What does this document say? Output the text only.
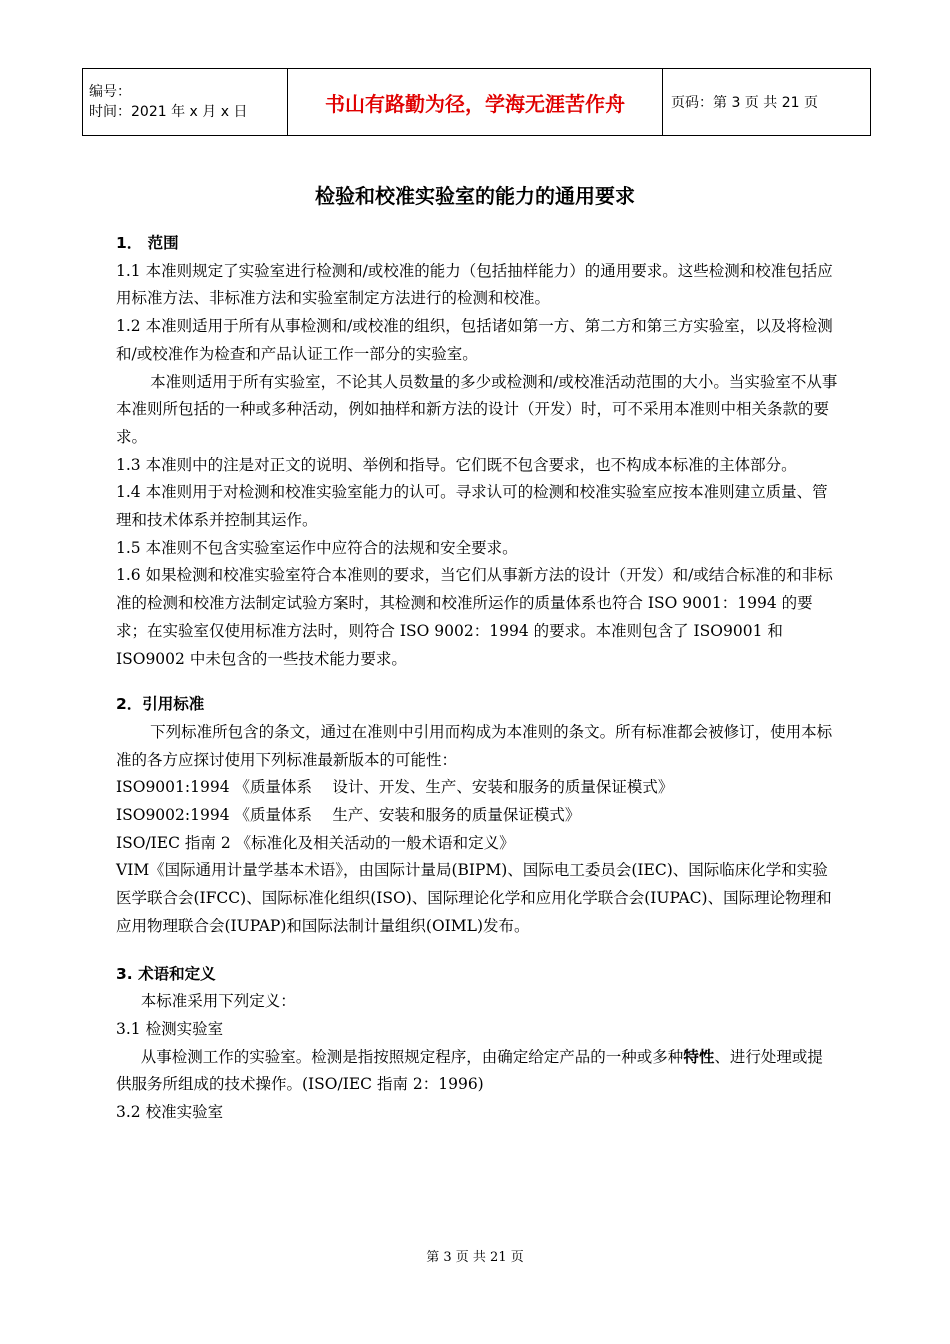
编号：
时间：2021 年 x 月 x 日	书山有路勤为径，学海无涯苦作舟	页码：第 3 页 共 21 页
检验和校准实验室的能力的通用要求

1． 范围

1.1 本准则规定了实验室进行检测和/或校准的能力（包括抽样能力）的通用要求。这些检测和校准包括应用标准方法、非标准方法和实验室制定方法进行的检测和校准。

1.2 本准则适用于所有从事检测和/或校准的组织，包括诸如第一方、第二方和第三方实验室，以及将检测和/或校准作为检查和产品认证工作一部分的实验室。

本准则适用于所有实验室，不论其人员数量的多少或检测和/或校准活动范围的大小。当实验室不从事本准则所包括的一种或多种活动，例如抽样和新方法的设计（开发）时，可不采用本准则中相关条款的要求。

1.3 本准则中的注是对正文的说明、举例和指导。它们既不包含要求，也不构成本标准的主体部分。

1.4 本准则用于对检测和校准实验室能力的认可。寻求认可的检测和校准实验室应按本准则建立质量、管理和技术体系并控制其运作。

1.5 本准则不包含实验室运作中应符合的法规和安全要求。

1.6 如果检测和校准实验室符合本准则的要求，当它们从事新方法的设计（开发）和/或结合标准的和非标准的检测和校准方法制定试验方案时，其检测和校准所运作的质量体系也符合 ISO 9001：1994 的要求；在实验室仅使用标准方法时，则符合 ISO 9002：1994 的要求。本准则包含了 ISO9001 和 ISO9002 中未包含的一些技术能力要求。

2．引用标准

下列标准所包含的条文，通过在准则中引用而构成为本准则的条文。所有标准都会被修订，使用本标准的各方应探讨使用下列标准最新版本的可能性：

ISO9001:1994 《质量体系　 设计、开发、生产、安装和服务的质量保证模式》

ISO9002:1994 《质量体系　 生产、安装和服务的质量保证模式》

ISO/IEC 指南 2 《标准化及相关活动的一般术语和定义》

VIM《国际通用计量学基本术语》，由国际计量局(BIPM)、国际电工委员会(IEC)、国际临床化学和实验医学联合会(IFCC)、国际标准化组织(ISO)、国际理论化学和应用化学联合会(IUPAC)、国际理论物理和应用物理联合会(IUPAP)和国际法制计量组织(OIML)发布。

3. 术语和定义

本标准采用下列定义：

3.1 检测实验室

从事检测工作的实验室。检测是指按照规定程序，由确定给定产品的一种或多种特性、进行处理或提供服务所组成的技术操作。(ISO/IEC 指南 2：1996)

3.2 校准实验室

第 3 页 共 21 页
